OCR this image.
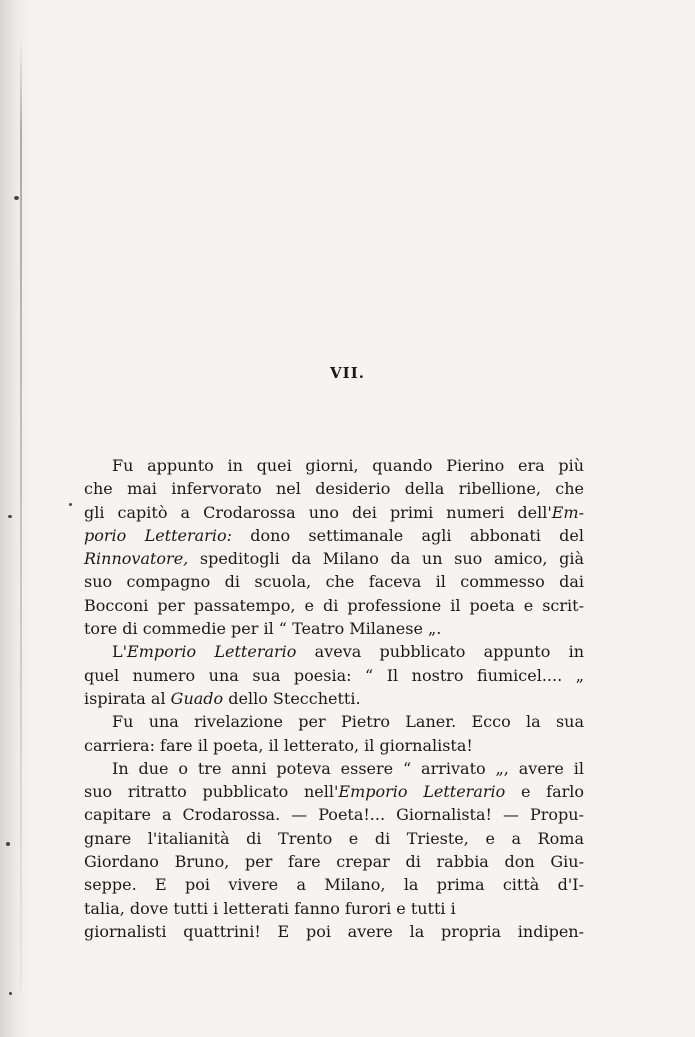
VII.
Fu appunto in quei giorni, quando Pierino era più
che mai infervorato nel desiderio della ribellione, che
gli capitò a Crodarossa uno dei primi numeri dell'Em-
porio Letterario: dono settimanale agli abbonati del
Rinnovatore, speditogli da Milano da un suo amico, già
suo compagno di scuola, che faceva il commesso dai
Bocconi per passatempo, e di professione il poeta e scrit-
tore di commedie per il “ Teatro Milanese „.
L'Emporio Letterario aveva pubblicato appunto in
quel numero una sua poesia: “ Il nostro fiumicel.... „
ispirata al Guado dello Stecchetti.
Fu una rivelazione per Pietro Laner. Ecco la sua
carriera: fare il poeta, il letterato, il giornalista!
In due o tre anni poteva essere “ arrivato „, avere il
suo ritratto pubblicato nell'Emporio Letterario e farlo
capitare a Crodarossa. — Poeta!... Giornalista! — Propu-
gnare l'italianità di Trento e di Trieste, e a Roma
Giordano Bruno, per fare crepar di rabbia don Giu-
seppe. E poi vivere a Milano, la prima città d'I-
talia, dove tutti i letterati fanno furori e tutti i
giornalisti quattrini! E poi avere la propria indipen-
